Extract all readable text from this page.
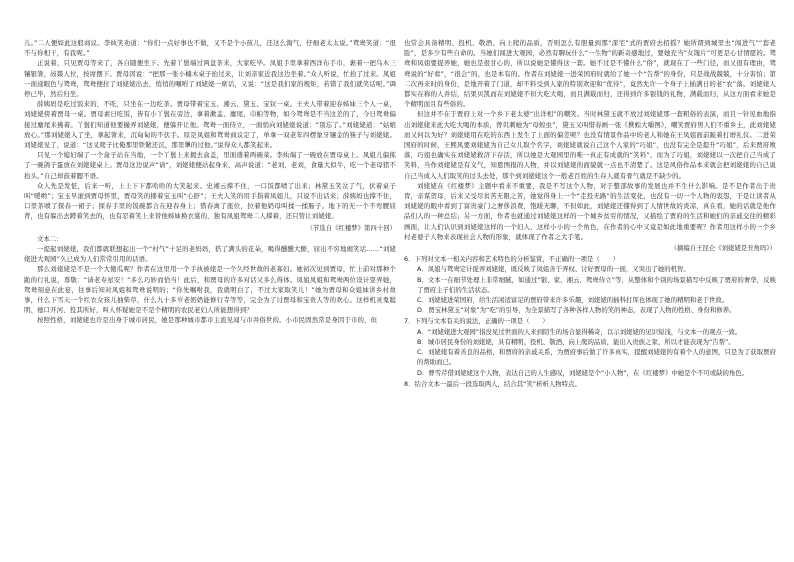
儿。”二人便如此这般商议。李纨笑劝道：“你们一点好事也不做，又不是个小孩儿，还这么淘气，仔细老太太说。”鸳鸯笑道：“很不与你相干，有我呢。”

正说着，只见贾母等来了，各自随便坐下。先着丫鬟端过两盘茶来，大家吃毕。凤姐手里拿着西洋布手巾，裹着一把乌木三镶银箸，敁敠人位，按席摆下。贾母因说：“把那一张小楠木桌子抬过来，让刘亲家近我这边坐着。”众人听说，忙抬了过来。凤姐一面递眼色与鸳鸯，鸳鸯便拉了刘姥姥出去，悄悄的嘱咐了刘姥姥一席话，又说：“这是我们家的规矩，若错了我们就笑话呢。”调停已毕，然后归坐。

薛姨妈是吃过饭来的，不吃，只坐在一边吃茶。贾母带着宝玉、湘云、黛玉、宝钗一桌。王夫人带着迎春姊妹三个人一桌，刘姥姥傍着贾母一桌。贾母素日吃饭，皆有小丫鬟在旁边，拿着漱盂、麈尾、巾帕等物，如今鸳鸯是不当这差的了，今日鸳鸯偏接过麈尾来拂着。丫鬟们知道他要撮弄刘姥姥，便躲开让他。鸳鸯一面侍立，一面悄向刘姥姥说道：“别忘了。”刘姥姥道：“姑娘放心。”那刘姥姥入了坐，拿起箸来，沉甸甸的不伏手。原是凤姐和鸳鸯商议定了，单拿一双老年四楞象牙镶金的筷子与刘姥姥。刘姥姥见了，说道：“这叉爬子比俺那里铁锨还沉，那里犟的过他。”说得众人都笑起来。

只见一个媳妇端了一个盒子站在当地，一个丫鬟上来揭去盒盖，里面盛着两碗菜。李纨端了一碗放在贾母桌上。凤姐儿偏拣了一碗鸽子蛋放在刘姥姥桌上。贾母这边说声“请”，刘姥姥便站起身来，高声说道：“老刘，老刘，食量大似牛，吃一个老母猪不抬头。”自己却鼓着腮不语。

众人先是发怔，后来一听，上上下下都哈哈的大笑起来。史湘云撑不住，一口饭都喷了出来；林黛玉笑岔了气，伏着桌子叫“嗳哟”；宝玉早滚到贾母怀里，贾母笑的搂着宝玉叫“心肝”；王夫人笑的用手指着凤姐儿，只说不出话来；薛姨妈也撑不住，口里茶喷了探春一裙子；探春手里的饭碗都合在迎春身上；惜春离了座位，拉着他奶母叫揉一揉肠子。地下的无一个不弯腰屈背，也有躲出去蹲着笑去的，也有忍着笑上来替他姊妹换衣裳的，独有凤姐鸳鸯二人撑着，还只管让刘姥姥。

（节选自《红楼梦》第四十回）

文本二：

一提起刘姥姥，我们都就联想起出一个“村气”十足的老妈妈，搭了满头的花朵，喝得醺醺大醉，屈出不穷地闹笑话……“刘姥姥进大观园”久已成为人们常常引用的话语。

那么刘姥姥是不是一个大傻瓜呢？作者在这里用一个手执被姥是一个久经世故的老寡妇。她初次见到贾母，忙上前对那种个跪的行礼说，尊敬：“请老寿星安！”多么巧妙而恰当！此后，和贾母的许多对话又多么得体。凤姐凤姐和鸳鸯两位设计耍弄她，鸳鸯刻意在此宴，往事后知对凤姐和鸳鸯说明的；“你先嘱咐我，我就明白了，不过大家取笑儿！”她为贾母和众姐妹讲乡村故事，什么下雪天一个红衣女孩儿抽柴草，什么九十多岁老奶奶能修行寺等等，完全为了讨贾母和宝贵人等的欢心。这样机灵鬼聪明、德口开河、投其所好，叫人怀疑她是不是个精明的农民老妇人所能想得到？

按照性格，刘姥姥也许是出身于城市居民，她是那种城市都市主流见闻与市井俗世的。小市民固然常是身因于市的，但

也常会具备精明、投机、敬酒、向上爬的品质，否则怎么有胆量到那“深宅”式的贾府去招摇？她所谓到城里去“闯进气”“套老脸”，是多少有些自命的。当她们闯进大观园，必然有聊玩什么“一生物”的新奇感地过，要她充当“女篾片”可更是心甘情愿的。鸳鸯和凤姐要捉弄她，她也是很甘心的，所以说她是懂得这一套。她不过是不懂什么“俗”，就现在了一些门径，而又很有理由，鸳鸯说的“好看”，“很会”的，也是本有的。作者在刘姥姥一进荣国府时就给了她一个“告帮”的身份，只是战战兢兢，十分害怕；第二次再来时的身份，是地开着了门道，却不料受到人家的特别欢迎和“优待”，竟然允许一个身子上插满日的老“农”落。刘姥姥人都实在称的人并结，结果贝凯而在刘姥姥不但大吃大喝，而且满载而归，还得到许多银钱的礼物，满载而归，从这方面看来她是个精明而且有些俗的。

但这并不在于贾府上对一个乡下老太婆“出洋相”的嘲笑。当时林黛玉就不放过刘姥姥那一套粗俗的表演，而且一针见血地指出刘姥姥来此大吃大喝的本质，曾讥刺她为“母蝗虫”，黛玉又叫惜春画一张《携蝗大嚼图》，嘲笑贾府男人们不重乡土，此刘姥姥而又何以为好？刘姥姥用在吃的东西上发生了上面的偏差呢？也没有情景作品中的老人和她在王凤姐面前跪着打磨礼仪。二进荣国府的时候，王熙凤要刘姥姥为自己女儿取个名字，刘姥姥就说自己这个人家的“巧姐”，也没有完全是提升“巧姐”，后来贾府败落，巧姐也确实在刘姥姥救济下存活，所以她是大观园里的唯一真正有成就的“笑料”，而为了巧姐，刘姥姥以一次把自己当成了笑料，当作刘姥姥是有义气，知恩图报的人物，并以刘姥姥的面貌就一点也不清楚了。这是风俗作品本来就会把刘姥姥的自己说自己当成入人们取笑的过头去处，那个到刘姥姥这个一般老百姓的生存人就有骨气就是不缺少的。

刘姥姥在《红楼梦》主题中看来不重要，我是不写这个人物，对于整部故事的发展也并不生什么影响。是不是作者出于贵胄，亲谋贺母，后来又受尽贫苦无限之苦，她觉得身上一个“走投无路”的生活变化，也没有一切一个人物的衷怨，于是让读者从刘姥姥的眼中看到了富贵豪门之奢侈浪费，饱暖无聊，不但如此，刘姥姥还懂得到了人情世故的炎凉，真在看，她的话就是他作品们人的一种总结；另一方面，作者也就通过刘姥姥这样的一个城乡贫穷的情况，又描绘了贾府的生活和她们的亲戚交往的精彩画面，让人们认识到刘姥姥这样的一个妇人，这样小小的一个角色，在作者的心中又竟是如此地重要呢？作者用这样小的一个乡村老婆子人物来表现社会人物的形象，就体现了作者之大手笔。

（摘编自王昆仑《刘姥姥是丑角吗》）

6．下列对文本一相关内容和艺术特色的分析鉴赏，不正确的一项是（　　）

A．凤姐与鸳鸯定计捉弄刘姥姥，既反映了凤姐善于弄权、讨好贾母的一面，又突出了她的机智。

B．文本一在细节处理上非常细腻，如通过“银、家、湘云、鸳鸯侍立”等，从整体和个别的场景描写中反映了贾府的奢华，反映了贾府主子们的生活状态。

C．刘姥姥进荣国府，给生活闲适富足的贾府带来许多乐趣，刘姥姥的插科打诨也体现了她的精明和老于世故。

D．贾宝林黛玉“对象”为“吃”的引导，为全景描写了各种各样人物的笑的神态，表现了人物的性格、身份和修养。

7．下列与文本有关的说法，正确的一项是（　　）

A．“刘姥姥进大观园”指没见过世面的人来到陌生的场合显得稀奇，以示刘姥姥的见识短浅，与文本一的观点一致。

B．城市居民身份的刘姥姥，具有精明、投机、敬酒、向上爬的品质，能出入贵族之家，所以才能表现为“告帮”。

C．刘姥姥有着善良的品格，和贾府的亲戚关系，为贾府事后做了许多真实，提醒刘姥姥的有着个人的意图，只是为了获取贾府的帮助而已。

D．曹雪芹借刘姥姥这个人物，表达自己的人生感叹，刘姥姥是个“小人物”，在《红楼梦》中她是个不可或缺的角色。

8．结合文本一最后一段选取两人，结合其“笑”析析人物特点。
